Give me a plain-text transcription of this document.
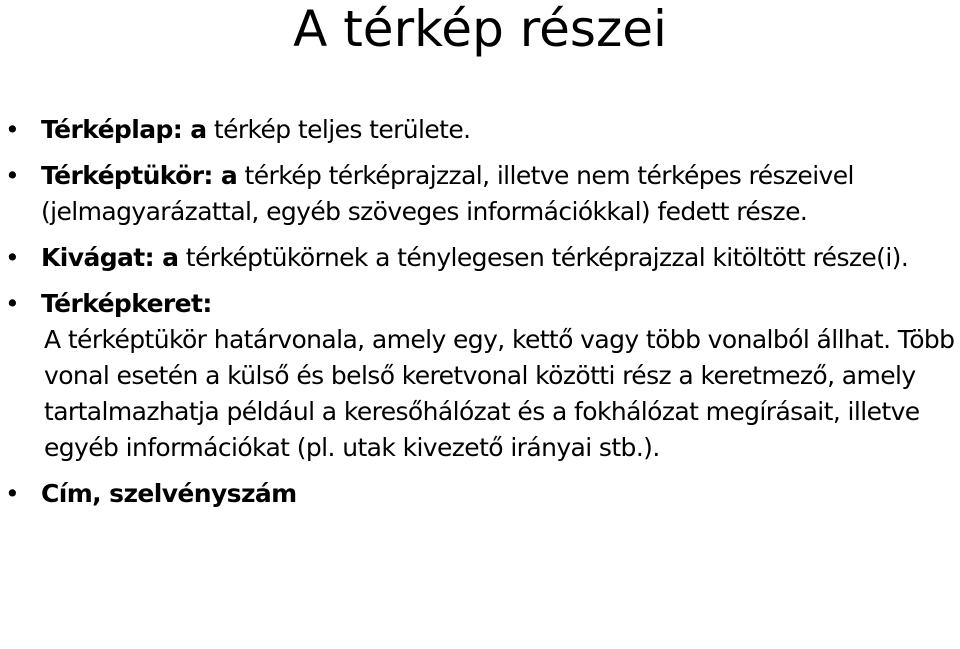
A térkép részei
• Térképlap: a térkép teljes területe.
• Térképtükör: a térkép térképrajzzal, illetve nem térképes részeivel (jelmagyarázattal, egyéb szöveges információkkal) fedett része.
• Kivágat: a térképtükörnek a ténylegesen térképrajzzal kitöltött része(i).
• Térképkeret:
A térképtükör határvonala, amely egy, kettő vagy több vonalból állhat. Több vonal esetén a külső és belső keretvonal közötti rész a keretmező, amely tartalmazhatja például a keresőhálózat és a fokhálózat megírásait, illetve egyéb információkat (pl. utak kivezető irányai stb.).
• Cím, szelvényszám
